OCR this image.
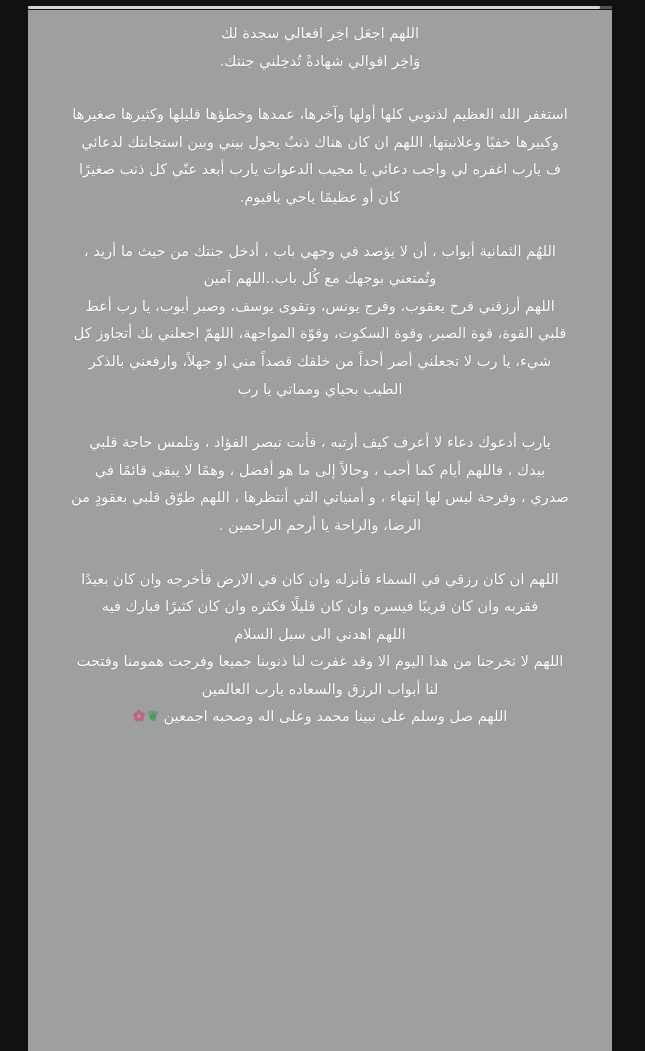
اللهم اجعَل اخِر افعالي سجدة لك
وَاخِر اقوالي شهادةً تُدخِلني جنتك.
استغفر الله العظيم لذنوبي كلها أولها وآخرها، عمدها وخطؤها قليلها وكثيرها صغيرها
وكبيرها خفيًا وعلانيتها، اللهم ان كان هناك ذنبٌ يحول بيني وبين استجابتك لدعائي
ف يارب اغفره لي واجب دعائي يا مجيب الدعوات يارب أبعد عنّي كل ذنب صغيرًا
كان أو عظيمًا ياحي ياقيوم.
اللهُم الثمانية أبواب ، أن لا يؤصد في وجهي باب ، أدخل جنتك من حيث ما أريد ،
وتُمتعني بوجهك مع كُل باب..اللهم آمين
اللهم أرزقني فرح يعقوب، وفرج يونس، وتقوى يوسف، وصبر أيوب، يا رب أعط
قلبي القوة، قوة الصبر، وقوة السكوت، وقوّة المواجهة، اللهمّ اجعلني بك أتجاوز كل
شيء، يا رب لا تجعلني أضر أحداً من خلقك قصداً مني او جهلاً، وارفعني بالذكر
الطيب بحياي ومماتي يا رب
يارب أدعوك دعاء لا أعرف كيف أرتبه ، فأنت تبصر الفؤاد ، وتلمس حاجة قلبي
بيدك ، فاللهم أيام كما أحب ، وحالاً إلى ما هو أفضل ، وهمًا لا يبقى قائمًا في
صدري ، وفرحة ليس لها إنتهاء ، و أمنياتي التي أنتظرها ، اللهم طوّق قلبي بعقودٍ من
الرضا، والراحة يا أرحم الراحمين .
اللهم ان كان رزقي في السماء فأنزله وان كان في الارض فأخرجه وان كان بعيدًا
فقربه وان كان قريبًا فيسره وان كان قليلًا فكثره وان كان كثيرًا فبارك فيه
اللهم اهدني الى سبل السلام
اللهم لا تخرجنا من هذا اليوم الا وقد غفرت لنا ذنوبنا جميعا وفرجت همومنا وفتحت
لنا أبواب الرزق والسعاده يارب العالمين
اللهم صل وسلم على نبينا محمد وعلى اله وصحبه اجمعين ❦✿
